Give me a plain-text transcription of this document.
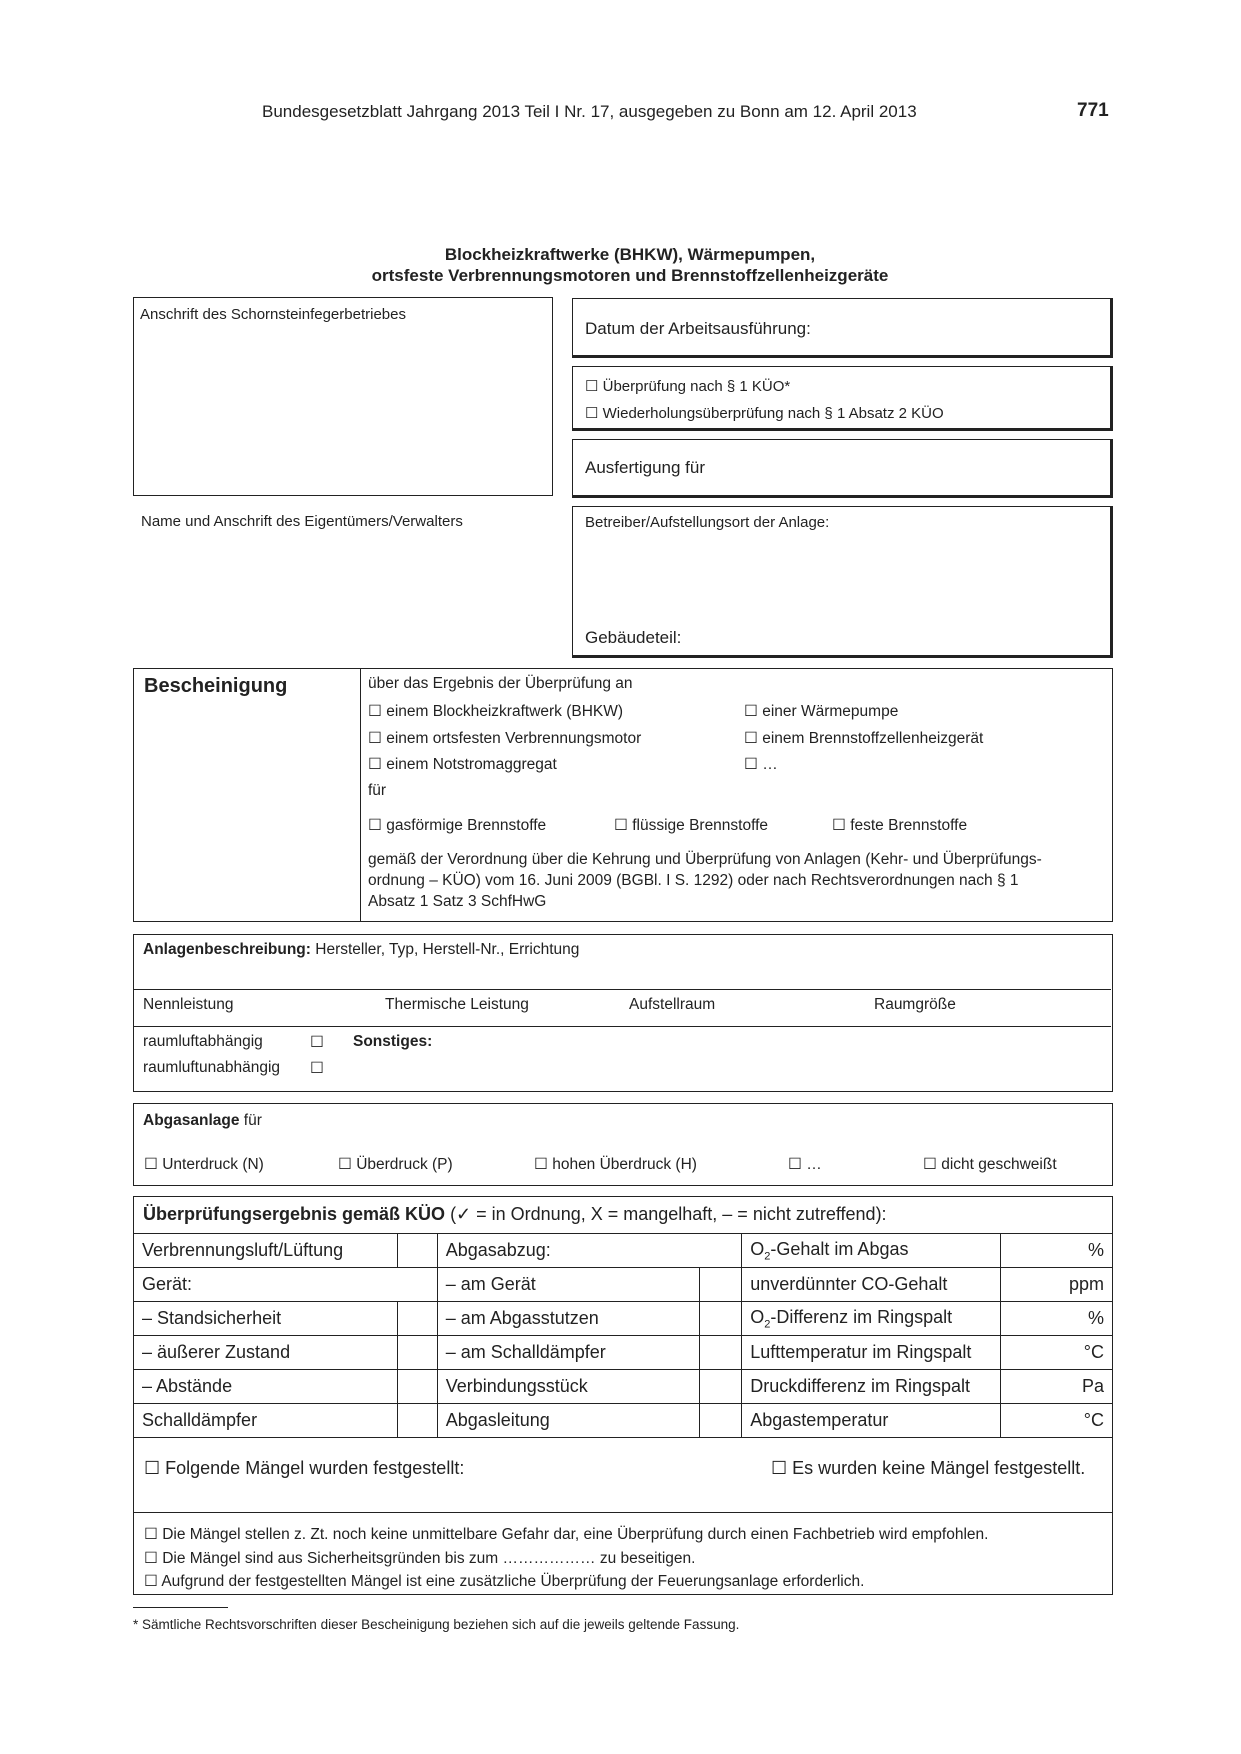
Bundesgesetzblatt Jahrgang 2013 Teil I Nr. 17, ausgegeben zu Bonn am 12. April 2013	771
Blockheizkraftwerke (BHKW), Wärmepumpen,
ortsfeste Verbrennungsmotoren und Brennstoffzellenheizgeräte
Anschrift des Schornsteinfegerbetriebes
Datum der Arbeitsausführung:
☐ Überprüfung nach § 1 KÜO*
☐ Wiederholungsüberprüfung nach § 1 Absatz 2 KÜO
Ausfertigung für
Name und Anschrift des Eigentümers/Verwalters	Betreiber/Aufstellungsort der Anlage:
Gebäudeteil:
Bescheinigung	über das Ergebnis der Überprüfung an
☐ einem Blockheizkraftwerk (BHKW)	☐ einer Wärmepumpe
☐ einem ortsfesten Verbrennungsmotor	☐ einem Brennstoffzellenheizgerät
☐ einem Notstromaggregat	☐ …
für
☐ gasförmige Brennstoffe	☐ flüssige Brennstoffe	☐ feste Brennstoffe
gemäß der Verordnung über die Kehrung und Überprüfung von Anlagen (Kehr- und Überprüfungs-
ordnung – KÜO) vom 16. Juni 2009 (BGBl. I S. 1292) oder nach Rechtsverordnungen nach § 1
Absatz 1 Satz 3 SchfHwG
Anlagenbeschreibung: Hersteller, Typ, Herstell-Nr., Errichtung
Nennleistung	Thermische Leistung	Aufstellraum	Raumgröße
raumluftabhängig	☐ Sonstiges:
raumluftunabhängig ☐
Abgasanlage für
☐ Unterdruck (N)	☐ Überdruck (P)	☐ hohen Überdruck (H)	☐ …	☐ dicht geschweißt
Überprüfungsergebnis gemäß KÜO (✓ = in Ordnung, X = mangelhaft, – = nicht zutreffend):
Verbrennungsluft/Lüftung		Abgasabzug:		$O_2$-Gehalt im Abgas	%
Gerät:		– am Gerät		unverdünnter CO-Gehalt	ppm
– Standsicherheit		– am Abgasstutzen		$O_2$-Differenz im Ringspalt	%
– äußerer Zustand		– am Schalldämpfer		Lufttemperatur im Ringspalt	°C
– Abstände		Verbindungsstück		Druckdifferenz im Ringspalt	Pa
Schalldämpfer		Abgasleitung		Abgastemperatur	°C
☐ Folgende Mängel wurden festgestellt:	☐ Es wurden keine Mängel festgestellt.
☐ Die Mängel stellen z. Zt. noch keine unmittelbare Gefahr dar, eine Überprüfung durch einen Fachbetrieb wird empfohlen.
☐ Die Mängel sind aus Sicherheitsgründen bis zum ……………… zu beseitigen.
☐ Aufgrund der festgestellten Mängel ist eine zusätzliche Überprüfung der Feuerungsanlage erforderlich.
* Sämtliche Rechtsvorschriften dieser Bescheinigung beziehen sich auf die jeweils geltende Fassung.
